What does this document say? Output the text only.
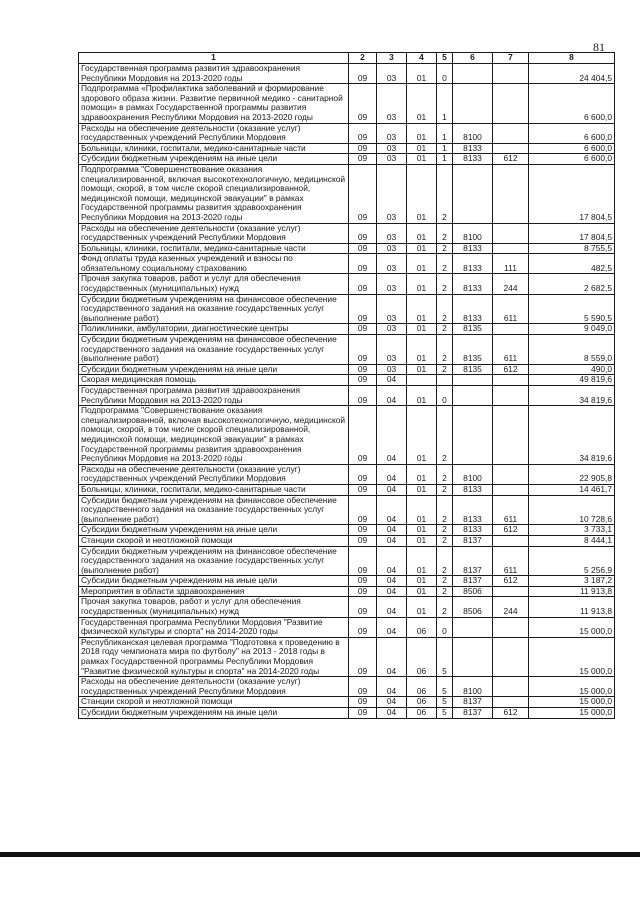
81
1	2	3	4	5	6	7	8
Государственная программа развития здравоохранения Республики Мордовия на 2013-2020 годы	09	03	01	0			24 404,5
Подпрограмма «Профилактика заболеваний и формирование здорового образа жизни. Развитие первичной медико - санитарной помощи» в рамках Государственной программы развития здравоохранения Республики Мордовия на 2013-2020 годы	09	03	01	1			6 600,0
Расходы на обеспечение деятельности (оказание услуг) государственных учреждений Республики Мордовия	09	03	01	1	8100		6 600,0
Больницы, клиники, госпитали, медико-санитарные части	09	03	01	1	8133		6 600,0
Субсидии бюджетным учреждениям на иные цели	09	03	01	1	8133	612	6 600,0
Подпрограмма "Совершенствование оказания специализированной, включая высокотехнологичную, медицинской помощи, скорой, в том числе скорой специализированной, медицинской помощи, медицинской эвакуации" в рамках Государственной программы развития здравоохранения Республики Мордовия на 2013-2020 годы	09	03	01	2			17 804,5
Расходы на обеспечение деятельности (оказание услуг) государственных учреждений Республики Мордовия	09	03	01	2	8100		17 804,5
Больницы, клиники, госпитали, медико-санитарные части	09	03	01	2	8133		8 755,5
Фонд оплаты труда казенных учреждений и взносы по обязательному социальному страхованию	09	03	01	2	8133	111	482,5
Прочая закупка товаров, работ и услуг для обеспечения государственных (муниципальных) нужд	09	03	01	2	8133	244	2 682,5
Субсидии бюджетным учреждениям на финансовое обеспечение государственного задания на оказание государственных услуг (выполнение работ)	09	03	01	2	8133	611	5 590,5
Поликлиники, амбулатории, диагностические центры	09	03	01	2	8135		9 049,0
Субсидии бюджетным учреждениям на финансовое обеспечение государственного задания на оказание государственных услуг (выполнение работ)	09	03	01	2	8135	611	8 559,0
Субсидии бюджетным учреждениям на иные цели	09	03	01	2	8135	612	490,0
Скорая медицинская помощь	09	04					49 819,6
Государственная программа развития здравоохранения Республики Мордовия на 2013-2020 годы	09	04	01	0			34 819,6
Подпрограмма "Совершенствование оказания специализированной, включая высокотехнологичную, медицинской помощи, скорой, в том числе скорой специализированной, медицинской помощи, медицинской эвакуации" в рамках Государственной программы развития здравоохранения Республики Мордовия на 2013-2020 годы	09	04	01	2			34 819,6
Расходы на обеспечение деятельности (оказание услуг) государственных учреждений Республики Мордовия	09	04	01	2	8100		22 905,8
Больницы, клиники, госпитали, медико-санитарные части	09	04	01	2	8133		14 461,7
Субсидии бюджетным учреждениям на финансовое обеспечение государственного задания на оказание государственных услуг (выполнение работ)	09	04	01	2	8133	611	10 728,6
Субсидии бюджетным учреждениям на иные цели	09	04	01	2	8133	612	3 733,1
Станции скорой и неотложной помощи	09	04	01	2	8137		8 444,1
Субсидии бюджетным учреждениям на финансовое обеспечение государственного задания на оказание государственных услуг (выполнение работ)	09	04	01	2	8137	611	5 256,9
Субсидии бюджетным учреждениям на иные цели	09	04	01	2	8137	612	3 187,2
Мероприятия в области здравоохранения	09	04	01	2	8506		11 913,8
Прочая закупка товаров, работ и услуг для обеспечения государственных (муниципальных) нужд	09	04	01	2	8506	244	11 913,8
Государственная программа Республики Мордовия "Развитие физической культуры и спорта" на 2014-2020 годы	09	04	06	0			15 000,0
Республиканская целевая программа "Подготовка к проведению в 2018 году чемпионата мира по футболу" на 2013 - 2018 годы в рамках Государственной программы Республики Мордовия "Развитие физической культуры и спорта" на 2014-2020 годы	09	04	06	5			15 000,0
Расходы на обеспечение деятельности (оказание услуг) государственных учреждений Республики Мордовия	09	04	06	5	8100		15 000,0
Станции скорой и неотложной помощи	09	04	06	5	8137		15 000,0
Субсидии бюджетным учреждениям на иные цели	09	04	06	5	8137	612	15 000,0
